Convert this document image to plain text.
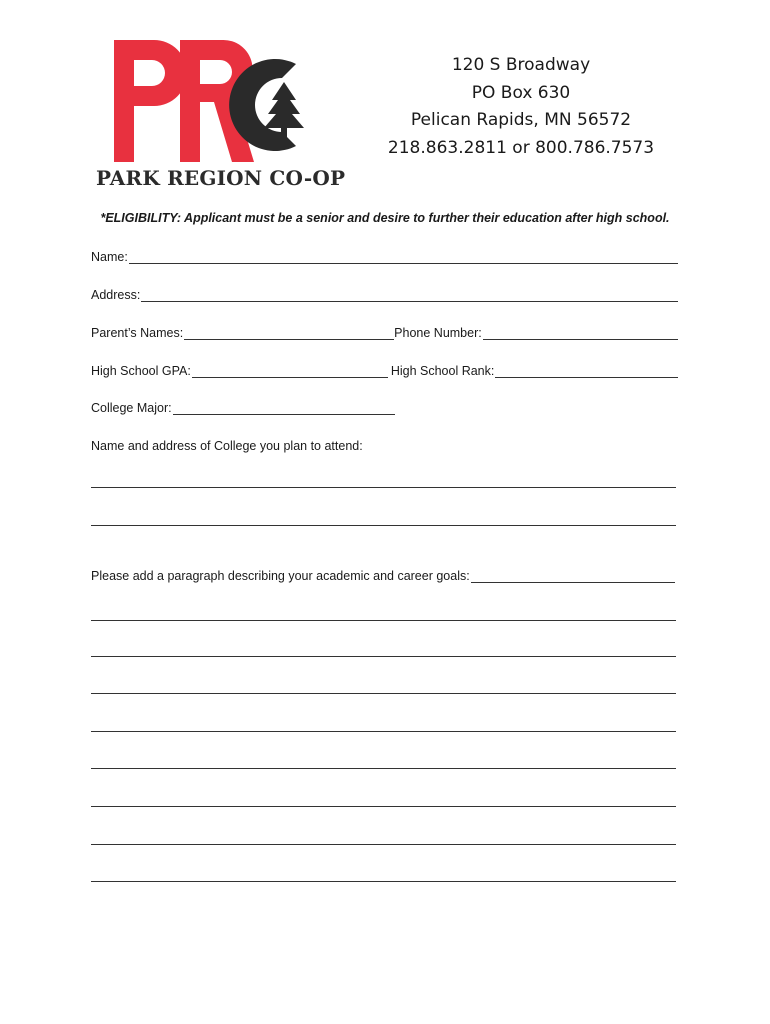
PARK REGION CO-OP
120 S Broadway
PO Box 630
Pelican Rapids, MN 56572
218.863.2811 or 800.786.7573
*ELIGIBILITY: Applicant must be a senior and desire to further their education after high school.
Name:
Address:
Parent’s Names:	Phone Number:
High School GPA:	High School Rank:
College Major:
Name and address of College you plan to attend:
Please add a paragraph describing your academic and career goals:
